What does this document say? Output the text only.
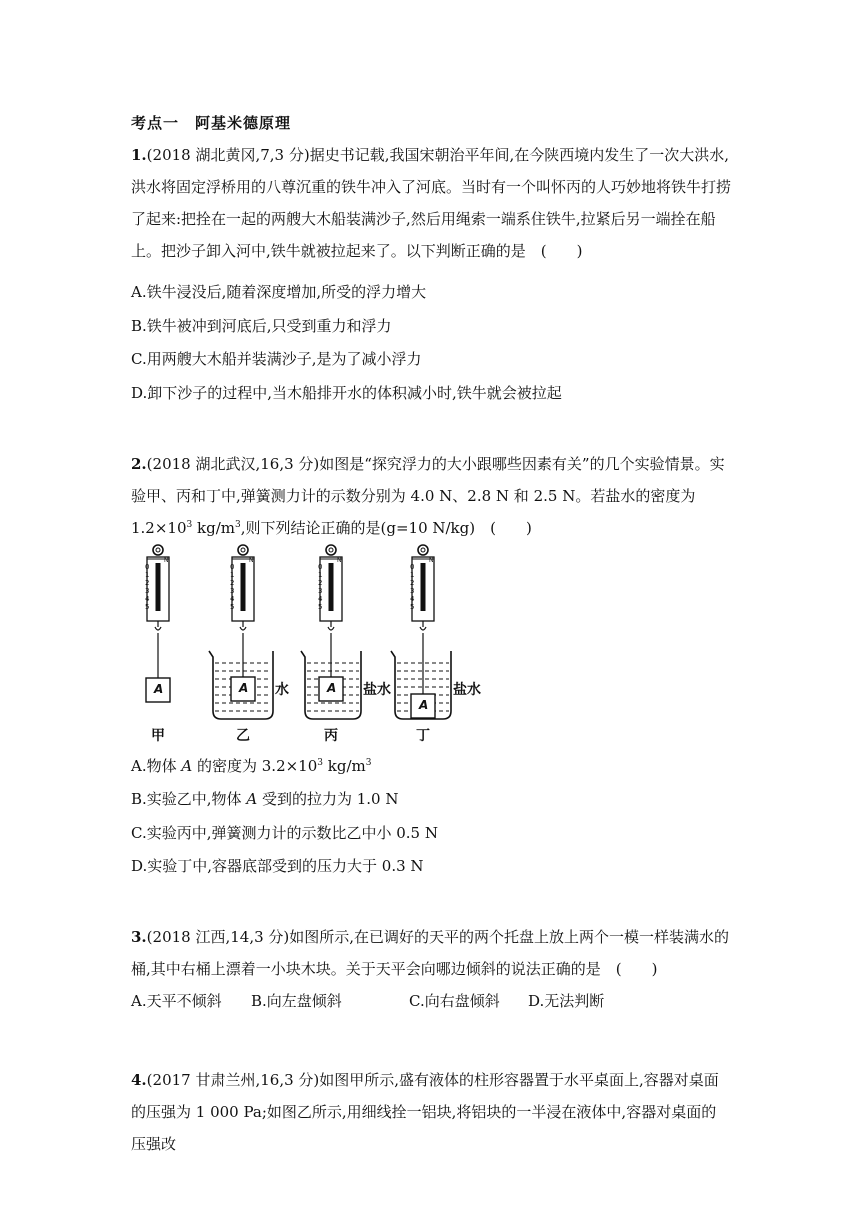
考点一　阿基米德原理
1.(2018 湖北黄冈,7,3 分)据史书记载,我国宋朝治平年间,在今陕西境内发生了一次大洪水,洪水将固定浮桥用的八尊沉重的铁牛冲入了河底。当时有一个叫怀丙的人巧妙地将铁牛打捞了起来:把拴在一起的两艘大木船装满沙子,然后用绳索一端系住铁牛,拉紧后另一端拴在船上。把沙子卸入河中,铁牛就被拉起来了。以下判断正确的是　(　　)
A.铁牛浸没后,随着深度增加,所受的浮力增大
B.铁牛被冲到河底后,只受到重力和浮力
C.用两艘大木船并装满沙子,是为了减小浮力
D.卸下沙子的过程中,当木船排开水的体积减小时,铁牛就会被拉起
2.(2018 湖北武汉,16,3 分)如图是“探究浮力的大小跟哪些因素有关”的几个实验情景。实验甲、丙和丁中,弹簧测力计的示数分别为 4.0 N、2.8 N 和 2.5 N。若盐水的密度为 $1.2\times 10^3$ $kg/m^3$,则下列结论正确的是(g=10 N/kg)　(　　)
0
1
2
3
4
5
N
0
1
2
3
4
5
N
0
1
2
3
4
5
N
0
1
2
3
4
5
N
A	A	A
A
水	盐水	盐水
甲	乙	丙	丁
A.物体 A 的密度为 $3.2\times 10^3$ $kg/m^3$
B.实验乙中,物体 A 受到的拉力为 1.0 N
C.实验丙中,弹簧测力计的示数比乙中小 0.5 N
D.实验丁中,容器底部受到的压力大于 0.3 N
3.(2018 江西,14,3 分)如图所示,在已调好的天平的两个托盘上放上两个一模一样装满水的桶,其中右桶上漂着一小块木块。关于天平会向哪边倾斜的说法正确的是　(　　)
A.天平不倾斜 B.向左盘倾斜	C.向右盘倾斜 D.无法判断
4.(2017 甘肃兰州,16,3 分)如图甲所示,盛有液体的柱形容器置于水平桌面上,容器对桌面的压强为 1 000 Pa;如图乙所示,用细线拴一铝块,将铝块的一半浸在液体中,容器对桌面的压强改
